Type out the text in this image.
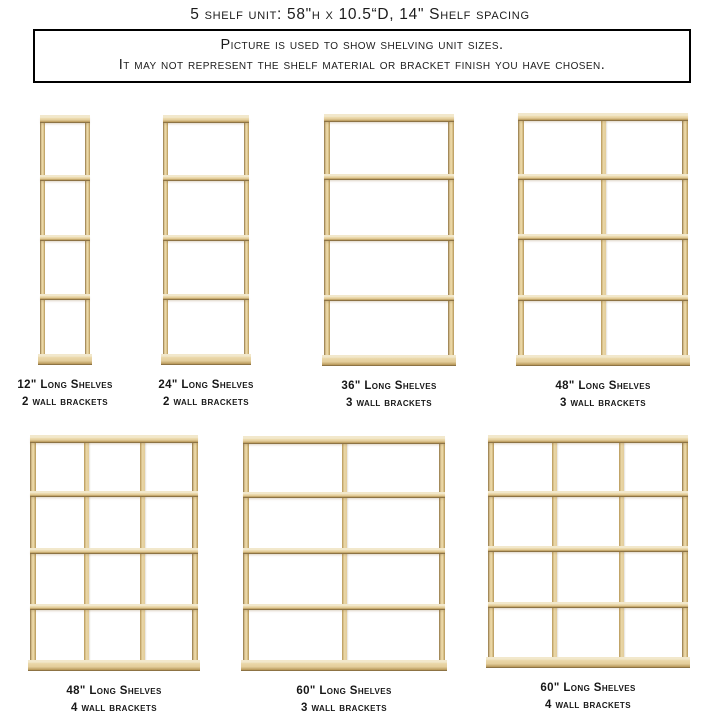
5 shelf unit: 58"h x 10.5“D, 14" Shelf spacing
Picture is used to show shelving unit sizes.
It may not represent the shelf material or bracket finish you have chosen.
12" Long Shelves
2 wall brackets
24" Long Shelves
2 wall brackets
36" Long Shelves
3 wall brackets
48" Long Shelves
3 wall brackets
48" Long Shelves
4 wall brackets
60" Long Shelves
3 wall brackets
60" Long Shelves
4 wall brackets
